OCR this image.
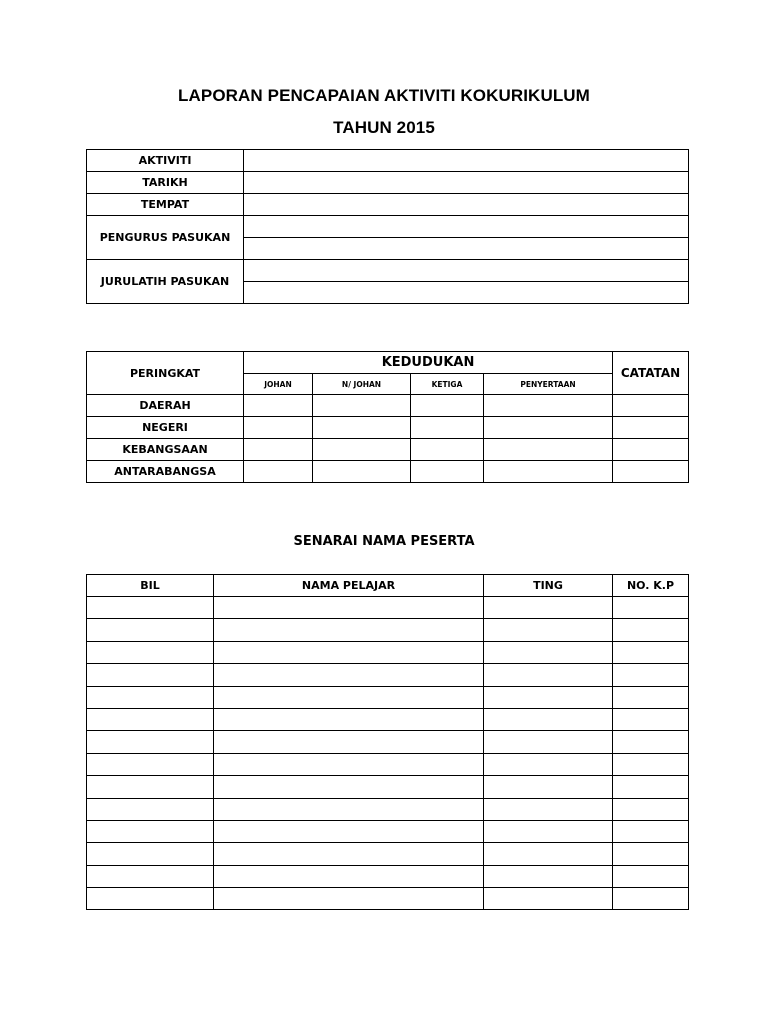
LAPORAN PENCAPAIAN AKTIVITI KOKURIKULUM
TAHUN 2015
AKTIVITI	
TARIKH	
TEMPAT	
PENGURUS PASUKAN	

JURULATIH PASUKAN	

PERINGKAT	KEDUDUKAN				CATATAN
	JOHAN	N/ JOHAN	KETIGA	PENYERTAAN	
DAERAH					
NEGERI					
KEBANGSAAN					
ANTARABANGSA					
SENARAI NAMA PESERTA
BIL	NAMA PELAJAR	TING	NO. K.P
